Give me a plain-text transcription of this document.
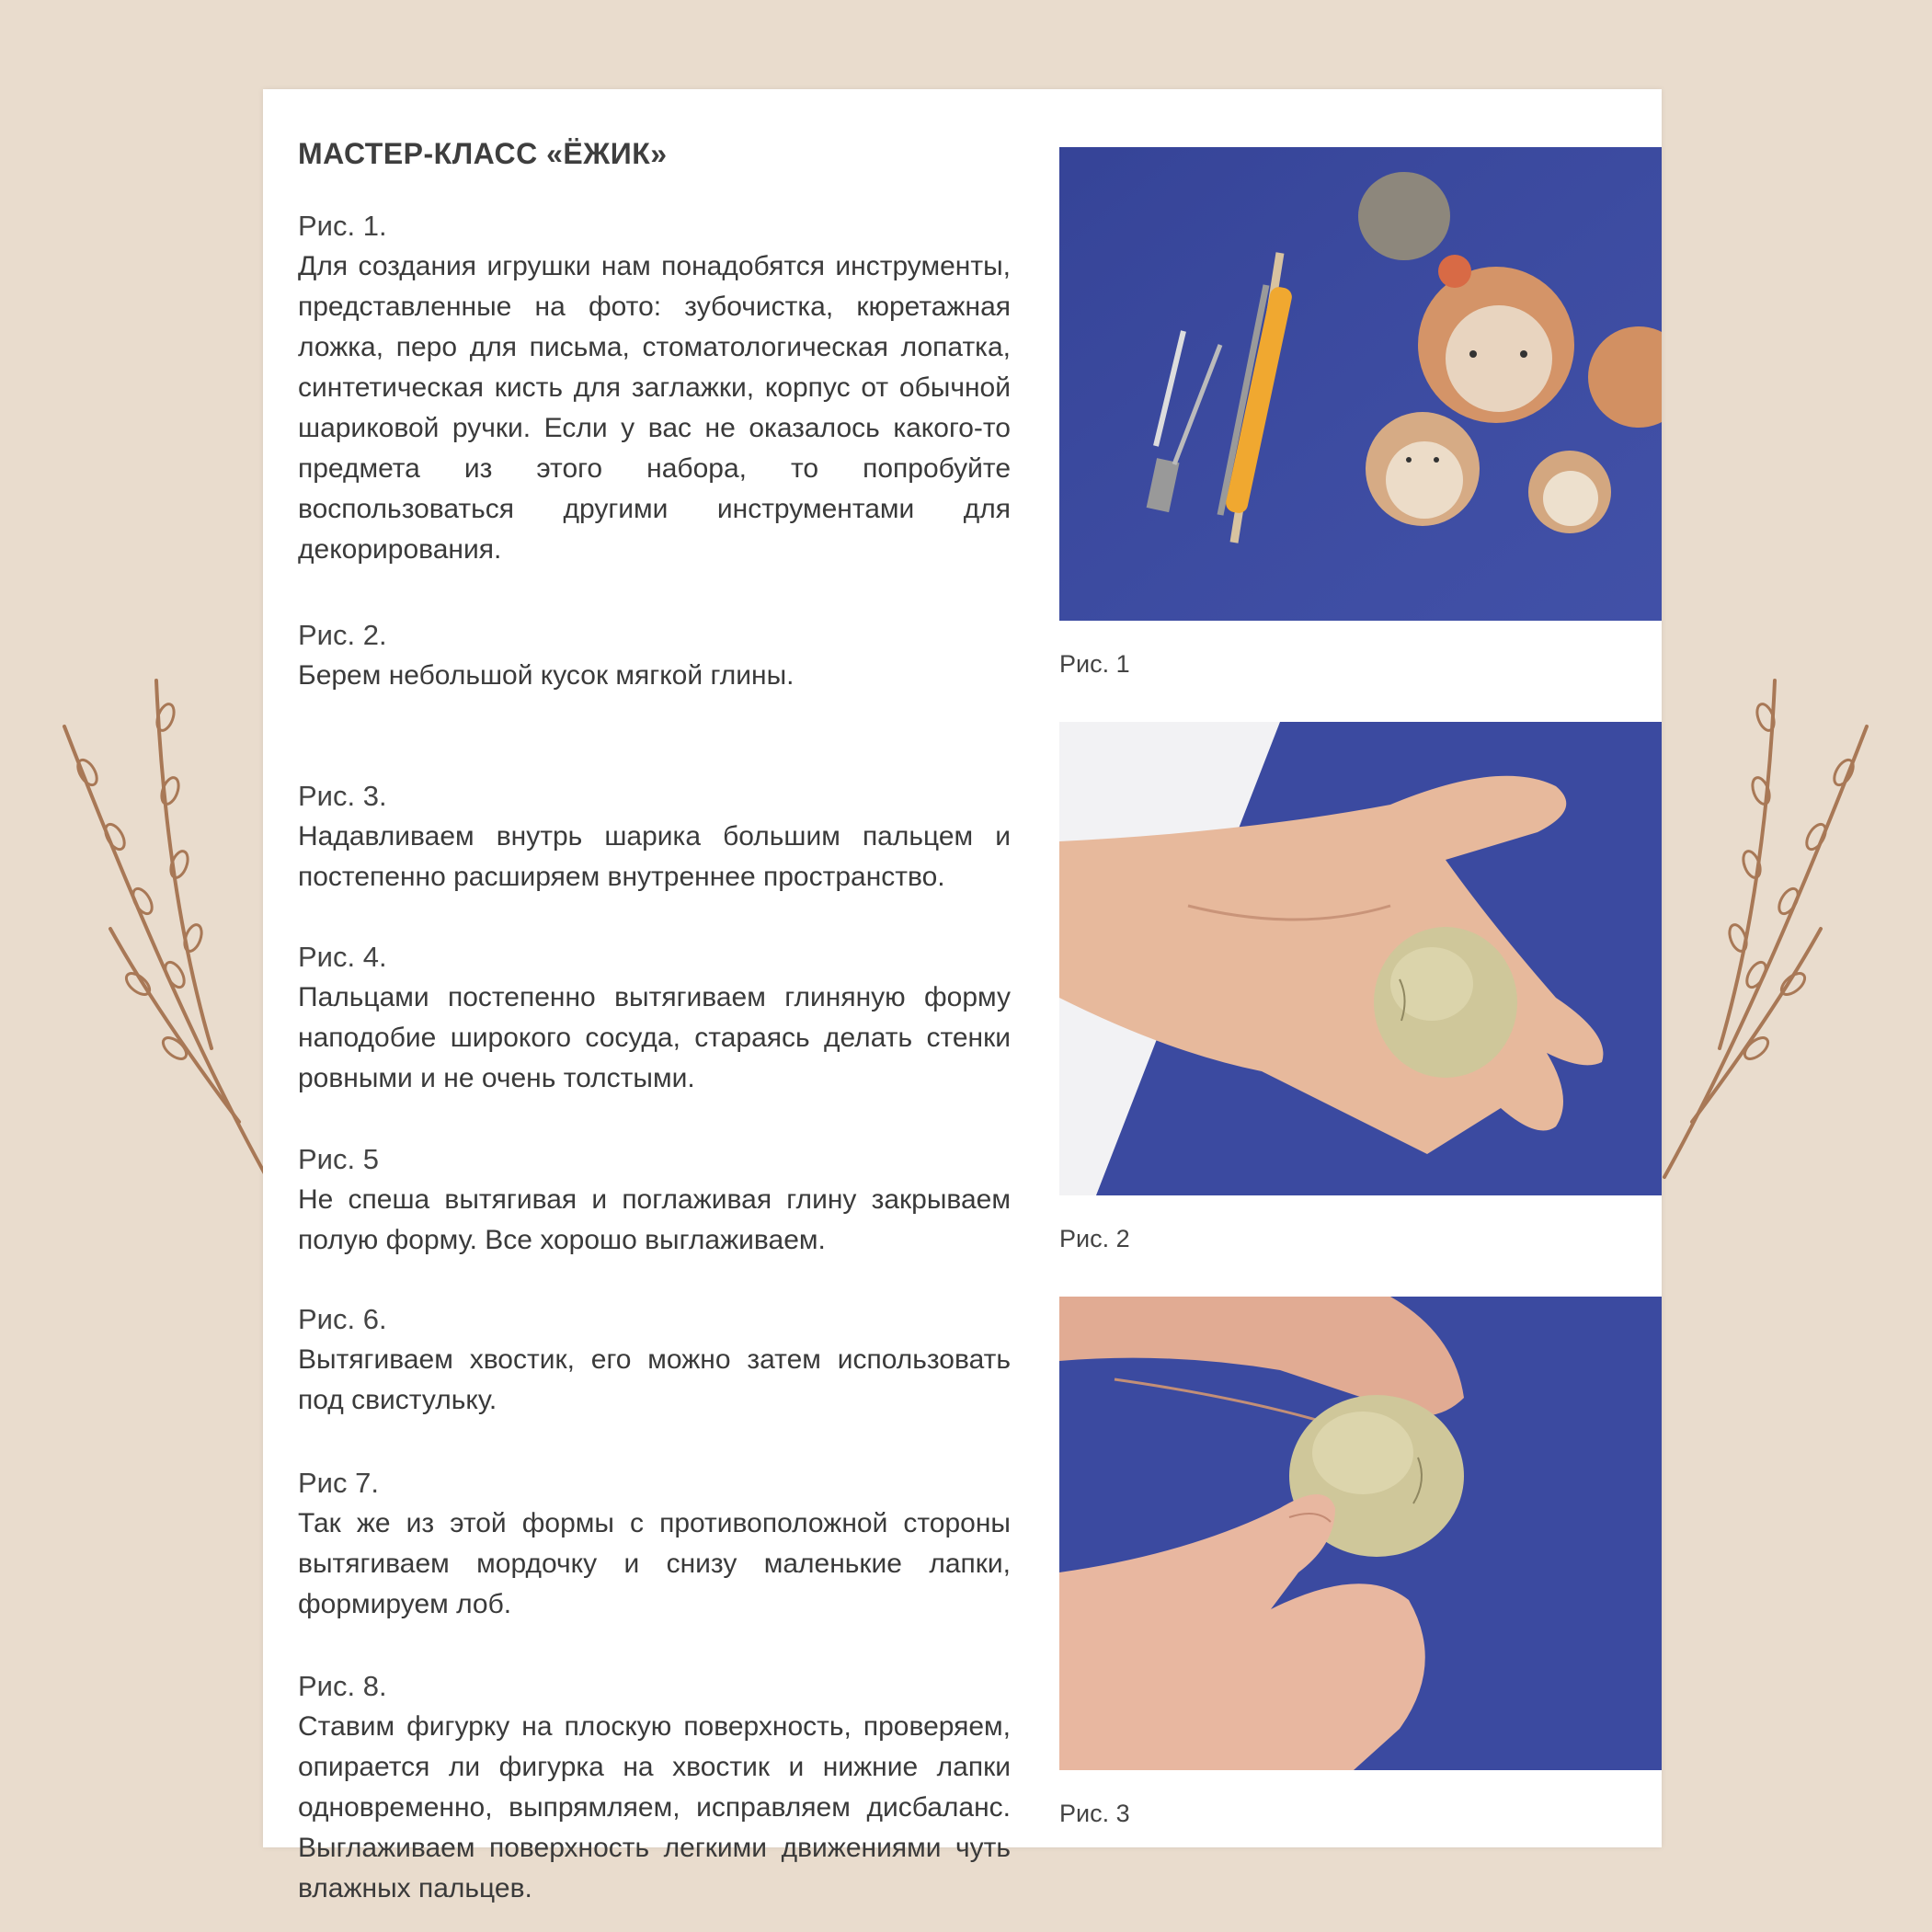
МАСТЕР-КЛАСС «ЁЖИК»
Рис. 1.
Для создания игрушки нам понадобятся инструменты, представленные на фото: зубочистка, кюретажная ложка, перо для письма, стоматологическая лопатка, синтетическая кисть для заглажки, корпус от обычной шариковой ручки. Если у вас не оказалось какого-то предмета из этого набора, то попробуйте воспользоваться другими инструментами для декорирования.
Рис. 2.
Берем небольшой кусок мягкой глины.
Рис. 3.
Надавливаем внутрь шарика большим пальцем и постепенно расширяем внутреннее пространство.
Рис. 4.
Пальцами постепенно вытягиваем глиняную форму наподобие широкого сосуда, стараясь делать стенки ровными и не очень толстыми.
Рис. 5
Не спеша вытягивая и поглаживая глину закрываем полую форму. Все хорошо выглаживаем.
Рис. 6.
Вытягиваем хвостик, его можно затем использовать под свистульку.
Рис 7.
Так же из этой формы с противоположной стороны вытягиваем мордочку и снизу маленькие лапки, формируем лоб.
Рис. 8.
Ставим фигурку на плоскую поверхность, проверяем, опирается ли фигурка на хвостик и нижние лапки одновременно, выпрямляем, исправляем дисбаланс. Выглаживаем поверхность легкими движениями чуть влажных пальцев.
Рис. 1
Рис. 2
Рис. 3
